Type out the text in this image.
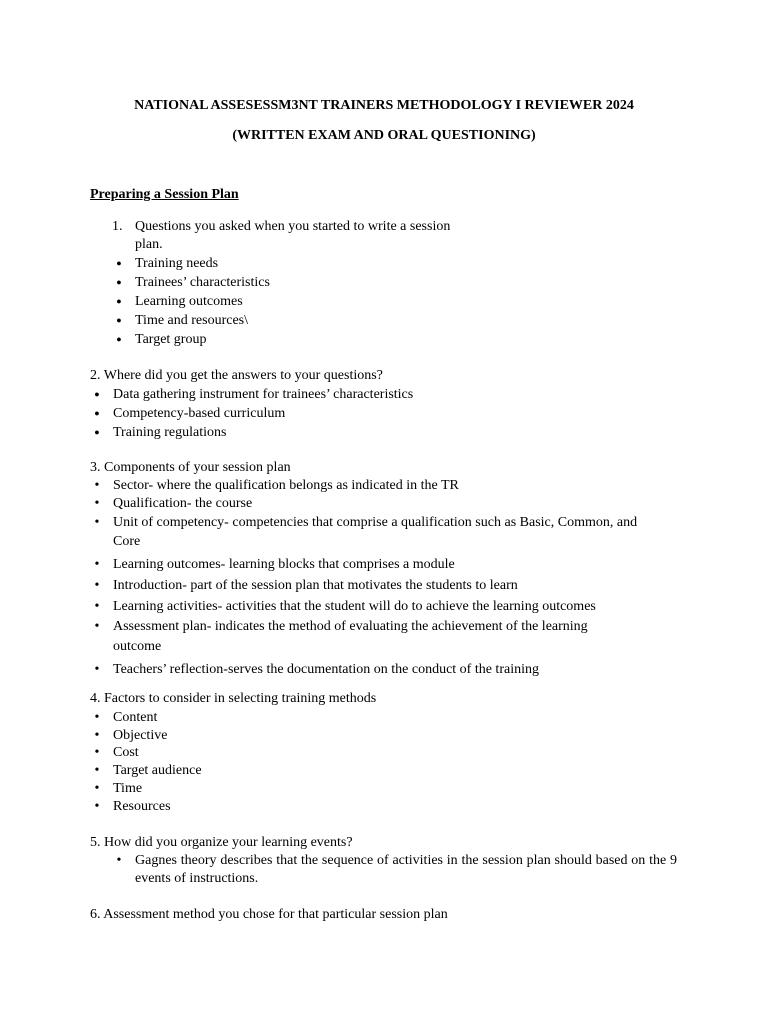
NATIONAL ASSESESSM3NT TRAINERS METHODOLOGY I REVIEWER 2024
(WRITTEN EXAM AND ORAL QUESTIONING)
Preparing a Session Plan
1. Questions you asked when you started to write a session
plan.
● Training needs
● Trainees’ characteristics
● Learning outcomes
● Time and resources\
● Target group
2. Where did you get the answers to your questions?
● Data gathering instrument for trainees’ characteristics
● Competency-based curriculum
● Training regulations
3. Components of your session plan
• Sector- where the qualification belongs as indicated in the TR
• Qualification- the course
• Unit of competency- competencies that comprise a qualification such as Basic, Common, and
Core
• Learning outcomes- learning blocks that comprises a module
• Introduction- part of the session plan that motivates the students to learn
• Learning activities- activities that the student will do to achieve the learning outcomes
• Assessment plan- indicates the method of evaluating the achievement of the learning
outcome
• Teachers’ reflection-serves the documentation on the conduct of the training
4. Factors to consider in selecting training methods
• Content
• Objective
• Cost
• Target audience
• Time
• Resources
5. How did you organize your learning events?
• Gagnes theory describes that the sequence of activities in the session plan should based on the 9 events of instructions.
6. Assessment method you chose for that particular session plan
